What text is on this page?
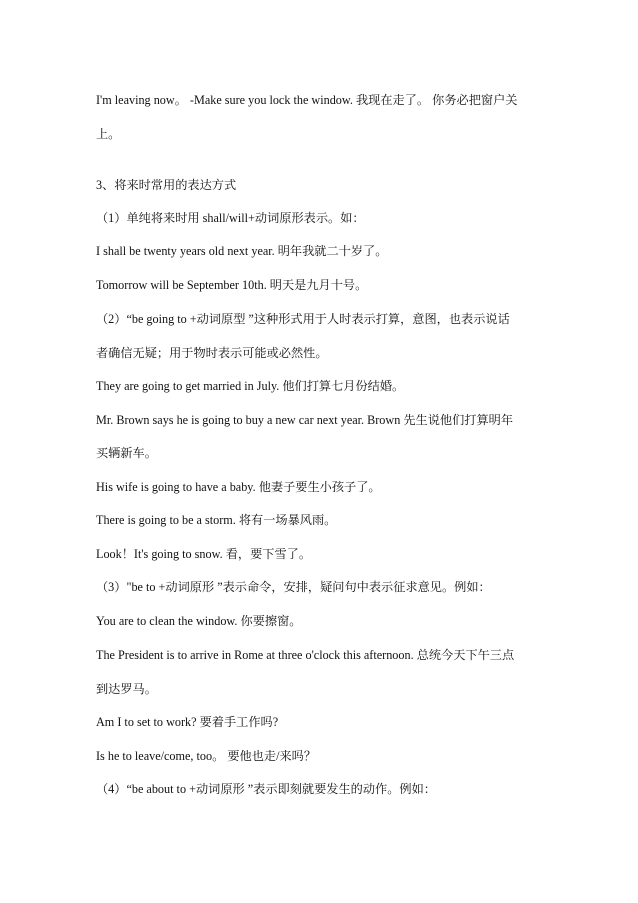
I'm leaving now。 -Make sure you lock the window. 我现在走了。 你务必把窗户关
上。
3、将来时常用的表达方式
（1）单纯将来时用 shall/will+动词原形表示。如：
I shall be twenty years old next year. 明年我就二十岁了。
Tomorrow will be September 10th. 明天是九月十号。
（2）“be going to +动词原型 ”这种形式用于人时表示打算，意图，也表示说话
者确信无疑；用于物时表示可能或必然性。
They are going to get married in July. 他们打算七月份结婚。
Mr. Brown says he is going to buy a new car next year. Brown 先生说他们打算明年
买辆新车。
His wife is going to have a baby. 他妻子要生小孩子了。
There is going to be a storm. 将有一场暴风雨。
Look！It's going to snow. 看，要下雪了。
（3）"be to +动词原形 ”表示命令，安排，疑问句中表示征求意见。例如：
You are to clean the window. 你要擦窗。
The President is to arrive in Rome at three o'clock this afternoon. 总统今天下午三点
到达罗马。
Am I to set to work? 要着手工作吗?
Is he to leave/come, too。 要他也走/来吗？
（4）“be about to +动词原形 ”表示即刻就要发生的动作。例如：
